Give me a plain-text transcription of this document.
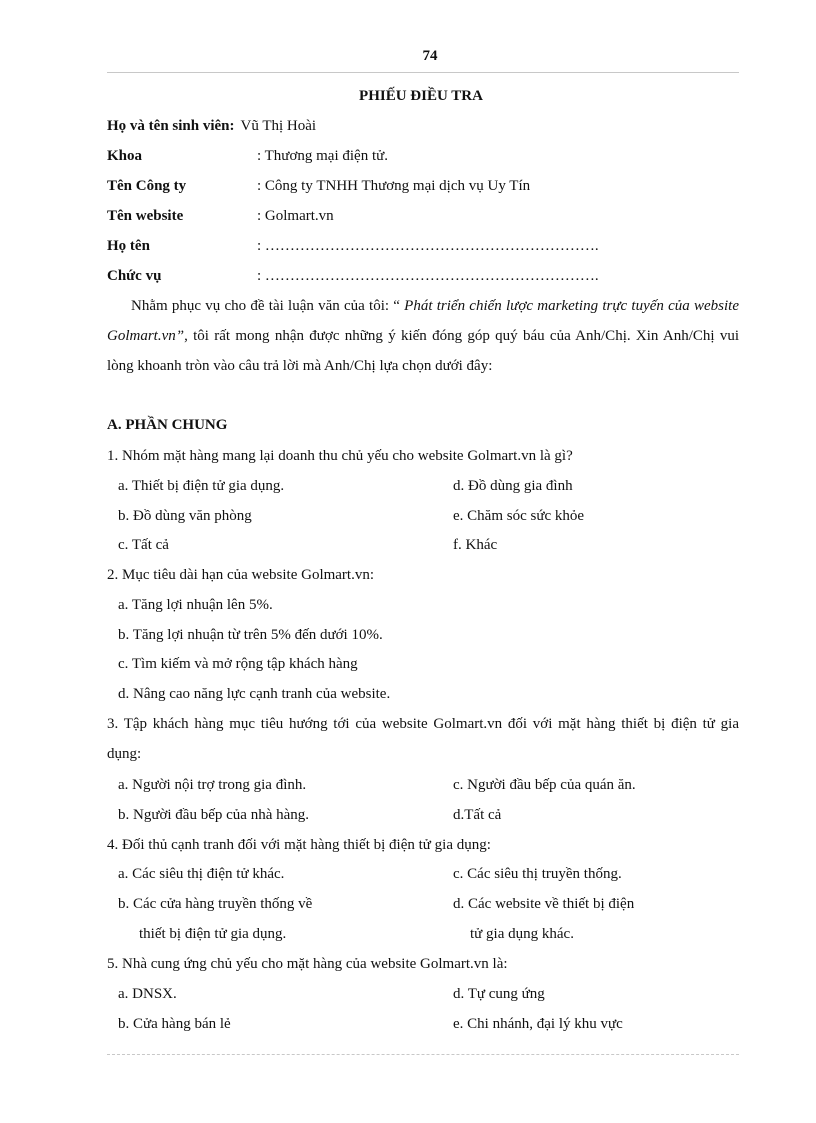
74
PHIẾU ĐIỀU TRA
Họ và tên sinh viên: Vũ Thị Hoài
Khoa	: Thương mại điện tử.
Tên Công ty	: Công ty TNHH Thương mại dịch vụ Uy Tín
Tên website	: Golmart.vn
Họ tên	: ………………………………………………………….
Chức vụ	: ………………………………………………………….
Nhằm phục vụ cho đề tài luận văn của tôi: “ Phát triển chiến lược marketing trực tuyến của website Golmart.vn”, tôi rất mong nhận được những ý kiến đóng góp quý báu của Anh/Chị. Xin Anh/Chị vui lòng khoanh tròn vào câu trả lời mà Anh/Chị lựa chọn dưới đây:
A. PHẦN CHUNG
1. Nhóm mặt hàng mang lại doanh thu chủ yếu cho website Golmart.vn là gì?
a. Thiết bị điện tử gia dụng.	d. Đồ dùng gia đình
b. Đồ dùng văn phòng	e. Chăm sóc sức khỏe
c. Tất cả	f. Khác
2. Mục tiêu dài hạn của website Golmart.vn:
a. Tăng lợi nhuận lên 5%.
b. Tăng lợi nhuận từ trên 5% đến dưới 10%.
c. Tìm kiếm và mở rộng tập khách hàng
d. Nâng cao năng lực cạnh tranh của website.
3. Tập khách hàng mục tiêu hướng tới của website Golmart.vn đối với mặt hàng thiết bị điện tử gia dụng:
a. Người nội trợ trong gia đình.	c. Người đầu bếp của quán ăn.
b. Người đầu bếp của nhà hàng.	d.Tất cả
4. Đối thủ cạnh tranh đối với mặt hàng thiết bị điện tử gia dụng:
a. Các siêu thị điện tử khác.	c. Các siêu thị truyền thống.
b. Các cửa hàng truyền thống về	d. Các website về thiết bị điện
thiết bị điện tử gia dụng.	tử gia dụng khác.
5. Nhà cung ứng chủ yếu cho mặt hàng của website Golmart.vn là:
a. DNSX.	d. Tự cung ứng
b. Cửa hàng bán lẻ	e. Chi nhánh, đại lý khu vực
